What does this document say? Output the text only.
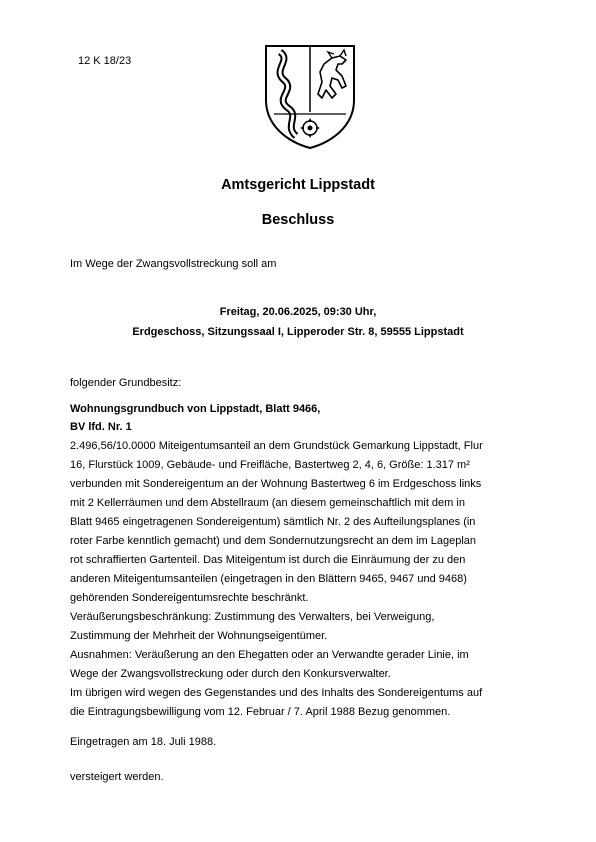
12 K 18/23
Amtsgericht Lippstadt
Beschluss
Im Wege der Zwangsvollstreckung soll am
Freitag, 20.06.2025, 09:30 Uhr,
Erdgeschoss, Sitzungssaal I, Lipperoder Str. 8, 59555 Lippstadt
folgender Grundbesitz:
Wohnungsgrundbuch von Lippstadt, Blatt 9466,
BV lfd. Nr. 1
2.496,56/10.0000 Miteigentumsanteil an dem Grundstück Gemarkung Lippstadt, Flur
16, Flurstück 1009, Gebäude- und Freifläche, Bastertweg 2, 4, 6, Größe: 1.317 m²
verbunden mit Sondereigentum an der Wohnung Bastertweg 6 im Erdgeschoss links
mit 2 Kellerräumen und dem Abstellraum (an diesem gemeinschaftlich mit dem in
Blatt 9465 eingetragenen Sondereigentum) sämtlich Nr. 2 des Aufteilungsplanes (in
roter Farbe kenntlich gemacht) und dem Sondernutzungsrecht an dem im Lageplan
rot schraffierten Gartenteil. Das Miteigentum ist durch die Einräumung der zu den
anderen Miteigentumsanteilen (eingetragen in den Blättern 9465, 9467 und 9468)
gehörenden Sondereigentumsrechte beschränkt.
Veräußerungsbeschränkung: Zustimmung des Verwalters, bei Verweigung,
Zustimmung der Mehrheit der Wohnungseigentümer.
Ausnahmen: Veräußerung an den Ehegatten oder an Verwandte gerader Linie, im
Wege der Zwangsvollstreckung oder durch den Konkursverwalter.
Im übrigen wird wegen des Gegenstandes und des Inhalts des Sondereigentums auf
die Eintragungsbewilligung vom 12. Februar / 7. April 1988 Bezug genommen.
Eingetragen am 18. Juli 1988.
versteigert werden.
